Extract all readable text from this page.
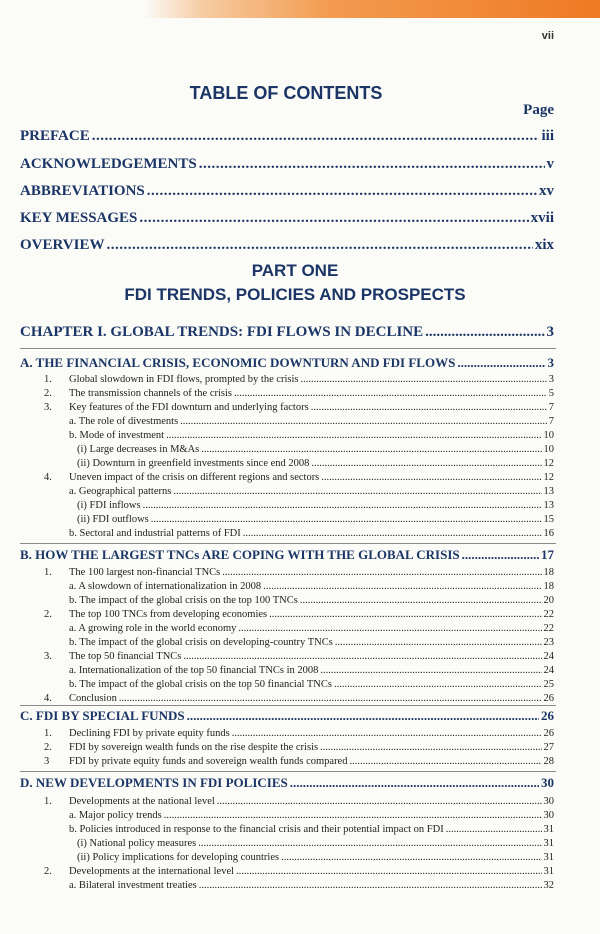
vii
TABLE OF CONTENTS
Page
PREFACE .....	iii
ACKNOWLEDGEMENTS .....	v
ABBREVIATIONS .....	xv
KEY MESSAGES .....	xvii
OVERVIEW .....	xix
PART ONE
FDI TRENDS, POLICIES AND PROSPECTS
CHAPTER I. GLOBAL TRENDS: FDI FLOWS IN DECLINE .....	3
A. THE FINANCIAL CRISIS, ECONOMIC DOWNTURN AND FDI FLOWS .....	3
1.	Global slowdown in FDI flows, prompted by the crisis .....	3
2.	The transmission channels of the crisis .....	5
3.	Key features of the FDI downturn and underlying factors .....	7
a. The role of divestments .....	7
b. Mode of investment .....	10
(i) Large decreases in M&As .....	10
(ii) Downturn in greenfield investments since end 2008 .....	12
4.	Uneven impact of the crisis on different regions and sectors .....	12
a. Geographical patterns .....	13
(i) FDI inflows .....	13
(ii) FDI outflows .....	15
b. Sectoral and industrial patterns of FDI .....	16
B. HOW THE LARGEST TNCs ARE COPING WITH THE GLOBAL CRISIS .....	17
1.	The 100 largest non-financial TNCs .....	18
a. A slowdown of internationalization in 2008 .....	18
b. The impact of the global crisis on the top 100 TNCs .....	20
2.	The top 100 TNCs from developing economies .....	22
a. A growing role in the world economy .....	22
b. The impact of the global crisis on developing-country TNCs .....	23
3.	The top 50 financial TNCs .....	24
a. Internationalization of the top 50 financial TNCs in 2008 .....	24
b. The impact of the global crisis on the top 50 financial TNCs .....	25
4.	Conclusion .....	26
C. FDI BY SPECIAL FUNDS .....	26
1.	Declining FDI by private equity funds .....	26
2.	FDI by sovereign wealth funds on the rise despite the crisis .....	27
3	FDI by private equity funds and sovereign wealth funds compared .....	28
D. NEW DEVELOPMENTS IN FDI POLICIES .....	30
1.	Developments at the national level .....	30
a. Major policy trends .....	30
b. Policies introduced in response to the financial crisis and their potential impact on FDI .....	31
(i) National policy measures .....	31
(ii) Policy implications for developing countries .....	31
2.	Developments at the international level .....	31
a. Bilateral investment treaties .....	32
